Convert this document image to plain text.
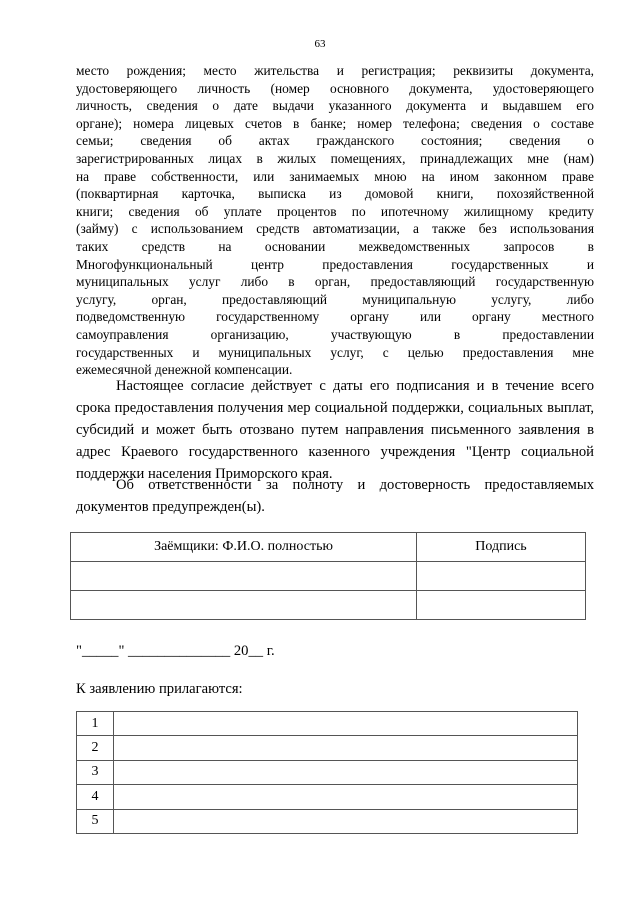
63

место рождения; место жительства и регистрация; реквизиты документа,

удостоверяющего личность (номер основного документа, удостоверяющего

личность, сведения о дате выдачи указанного документа и выдавшем его

органе); номера лицевых счетов в банке; номер телефона; сведения о составе

семьи; сведения об актах гражданского состояния; сведения о

зарегистрированных лицах в жилых помещениях, принадлежащих мне (нам)

на праве собственности, или занимаемых мною на ином законном праве

(поквартирная карточка, выписка из домовой книги, похозяйственной

книги; сведения об уплате процентов по ипотечному жилищному кредиту

(займу) с использованием средств автоматизации, а также без использования

таких средств на основании межведомственных запросов в

Многофункциональный центр предоставления государственных и

муниципальных услуг либо в орган, предоставляющий государственную

услугу, орган, предоставляющий муниципальную услугу, либо

подведомственную государственному органу или органу местного

самоуправления организацию, участвующую в предоставлении

государственных и муниципальных услуг, с целью предоставления мне

ежемесячной денежной компенсации.

Настоящее согласие действует с даты его подписания и в течение всего срока предоставления получения мер социальной поддержки, социальных выплат, субсидий и может быть отозвано путем направления письменного заявления в адрес Краевого государственного казенного учреждения "Центр социальной поддержки населения Приморского края.

Об ответственности за полноту и достоверность предоставляемых документов предупрежден(ы).

Заёмщики: Ф.И.О. полностью	Подпись

"_____" ______________ 20__ г.
К заявлению прилагаются:
1	
2	
3	
4	
5	
